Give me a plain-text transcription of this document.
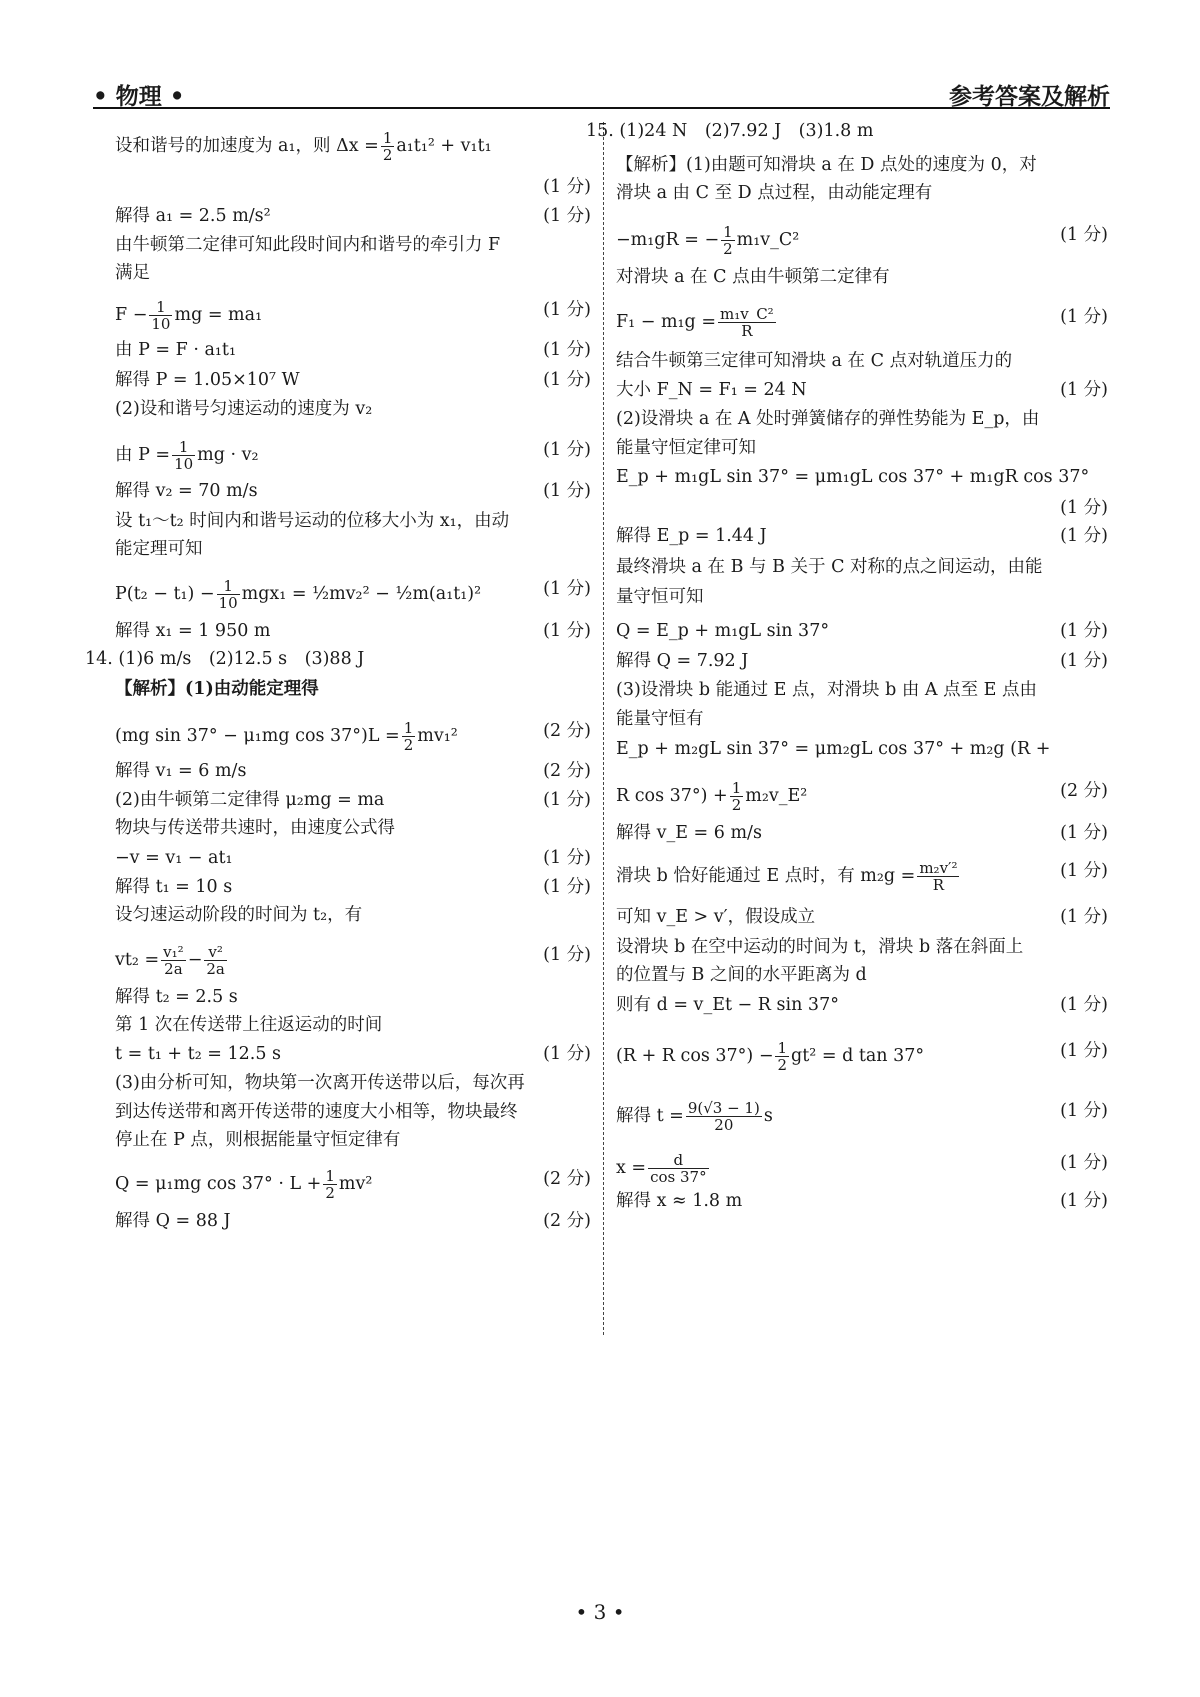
• 物理 •	参考答案及解析
设和谐号的加速度为 a₁，则 $\Delta x = \frac{1}{2} a_1t_1^2 + v_1t_1$
(1 分)
解得 a₁ = 2.5 m/s²	(1 分)
由牛顿第二定律可知此段时间内和谐号的牵引力 F
满足
$F - \frac{1}{10}$ mg = ma₁	(1 分)
由 P = F · a₁t₁	(1 分)
解得 P = 1.05×10⁷ W	(1 分)
(2)设和谐号匀速运动的速度为 v₂
由 $P = \frac{1}{10}$ mg · v₂	(1 分)
解得 v₂ = 70 m/s	(1 分)
设 t₁～t₂ 时间内和谐号运动的位移大小为 x₁，由动
能定理可知
$P(t_2 - t_1) - \frac{1}{10} mgx_1$ = ½mv₂² − ½m(a₁t₁)²	(1 分)
解得 x₁ = 1 950 m	(1 分)
14. (1)6 m/s　(2)12.5 s　(3)88 J
【解析】(1)由动能定理得
(mg sin 37° − μ₁mg $\cos 37^\circ)L = \frac{1}{2} mv_1^2$	(2 分)
解得 v₁ = 6 m/s	(2 分)
(2)由牛顿第二定律得 μ₂mg = ma	(1 分)
物块与传送带共速时，由速度公式得
−v = v₁ − at₁	(1 分)
解得 t₁ = 10 s	(1 分)
设匀速运动阶段的时间为 t₂，有
$vt_2 = \frac{\text{v₁²}}{2a} - \frac{\text{v²}}{2a}$	(1 分)
解得 t₂ = 2.5 s
第 1 次在传送带上往返运动的时间
t = t₁ + t₂ = 12.5 s	(1 分)
(3)由分析可知，物块第一次离开传送带以后，每次再
到达传送带和离开传送带的速度大小相等，物块最终
停止在 P 点，则根据能量守恒定律有
Q = μ₁mg $\cos 37^\circ \cdot L + \frac{1}{2} mv^2$	(2 分)
解得 Q = 88 J	(2 分)
15. (1)24 N　(2)7.92 J　(3)1.8 m
【解析】(1)由题可知滑块 a 在 D 点处的速度为 0，对
滑块 a 由 C 至 D 点过程，由动能定理有
−m₁gR = − $\frac{1}{2}$ m₁v_C²	(1 分)
对滑块 a 在 C 点由牛顿第二定律有
$F_1 - m_1g = \frac{\text{m₁v\_C²}}{R}$	(1 分)
结合牛顿第三定律可知滑块 a 在 C 点对轨道压力的
大小 F_N = F₁ = 24 N	(1 分)
(2)设滑块 a 在 A 处时弹簧储存的弹性势能为 E_p，由
能量守恒定律可知
E_p + m₁gL sin 37° = μm₁gL cos 37° + m₁gR cos 37°
(1 分)
解得 E_p = 1.44 J	(1 分)
最终滑块 a 在 B 与 B 关于 C 对称的点之间运动，由能
量守恒可知
Q = E_p + m₁gL sin 37°	(1 分)
解得 Q = 7.92 J	(1 分)
(3)设滑块 b 能通过 E 点，对滑块 b 由 A 点至 E 点由
能量守恒有
E_p + m₂gL sin 37° = μm₂gL cos 37° + m₂g (R +
R $\cos 37^\circ) + \frac{1}{2}$ m₂v_E²	(2 分)
解得 v_E = 6 m/s	(1 分)
滑块 b 恰好能通过 E 点时，有 $m_2g = \frac{\text{m₂v′²}}{R}$	(1 分)
可知 v_E > v′，假设成立	(1 分)
设滑块 b 在空中运动的时间为 t，滑块 b 落在斜面上
的位置与 B 之间的水平距离为 d
则有 d = v_Et − R sin 37°	(1 分)
(R + R $\cos 37^\circ) - \frac{1}{2} gt^2 = d$ tan 37°	(1 分)
解得 $t = \frac{9(√3 - 1)}{20}$ s	(1 分)
$x = \frac{d}{\cos 37^\circ}$	(1 分)
解得 x ≈ 1.8 m	(1 分)
• 3 •
